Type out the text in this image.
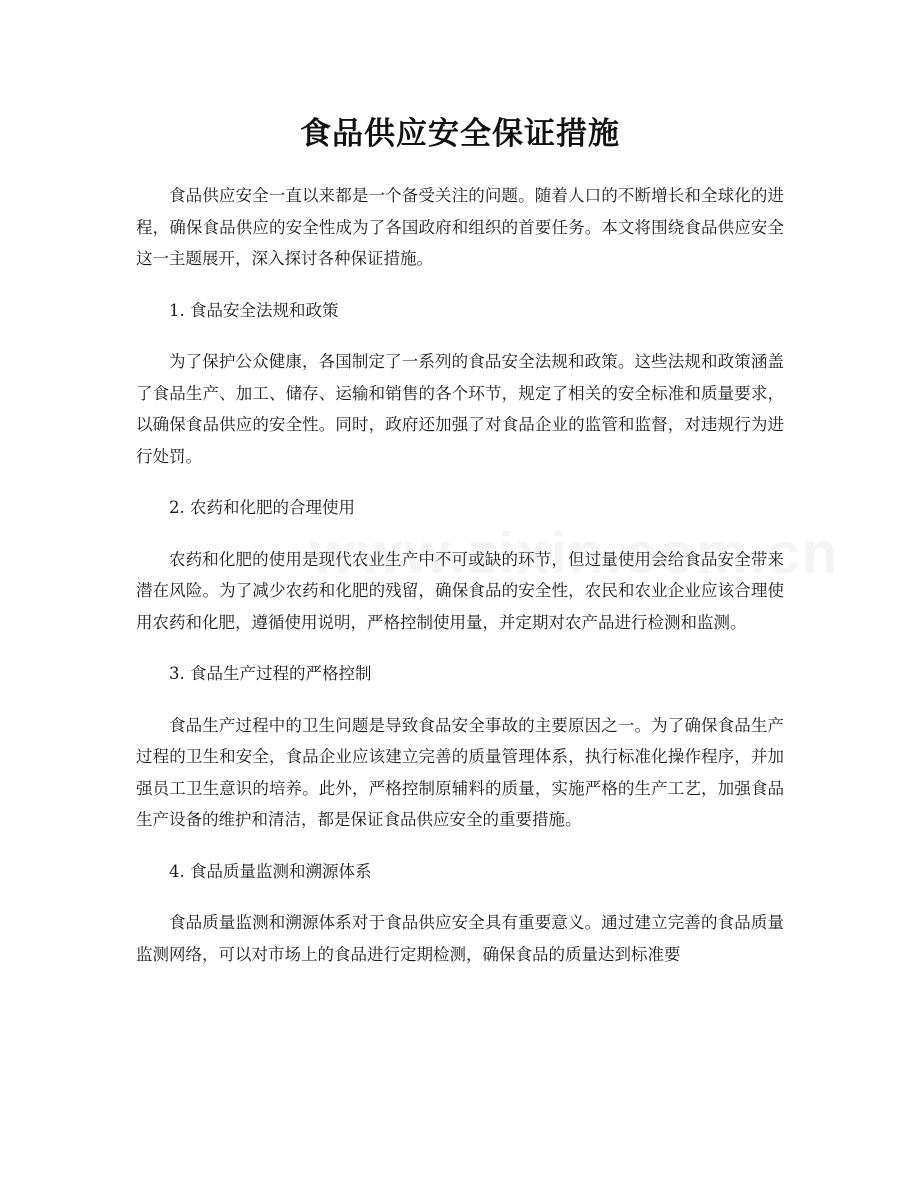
食品供应安全保证措施

食品供应安全一直以来都是一个备受关注的问题。随着人口的不断增长和全球化的进程，确保食品供应的安全性成为了各国政府和组织的首要任务。本文将围绕食品供应安全这一主题展开，深入探讨各种保证措施。

1. 食品安全法规和政策

为了保护公众健康，各国制定了一系列的食品安全法规和政策。这些法规和政策涵盖了食品生产、加工、储存、运输和销售的各个环节，规定了相关的安全标准和质量要求，以确保食品供应的安全性。同时，政府还加强了对食品企业的监管和监督，对违规行为进行处罚。

2. 农药和化肥的合理使用

农药和化肥的使用是现代农业生产中不可或缺的环节，但过量使用会给食品安全带来潜在风险。为了减少农药和化肥的残留，确保食品的安全性，农民和农业企业应该合理使用农药和化肥，遵循使用说明，严格控制使用量，并定期对农产品进行检测和监测。

3. 食品生产过程的严格控制

食品生产过程中的卫生问题是导致食品安全事故的主要原因之一。为了确保食品生产过程的卫生和安全，食品企业应该建立完善的质量管理体系，执行标准化操作程序，并加强员工卫生意识的培养。此外，严格控制原辅料的质量，实施严格的生产工艺，加强食品生产设备的维护和清洁，都是保证食品供应安全的重要措施。

4. 食品质量监测和溯源体系

食品质量监测和溯源体系对于食品供应安全具有重要意义。通过建立完善的食品质量监测网络，可以对市场上的食品进行定期检测，确保食品的质量达到标准要
